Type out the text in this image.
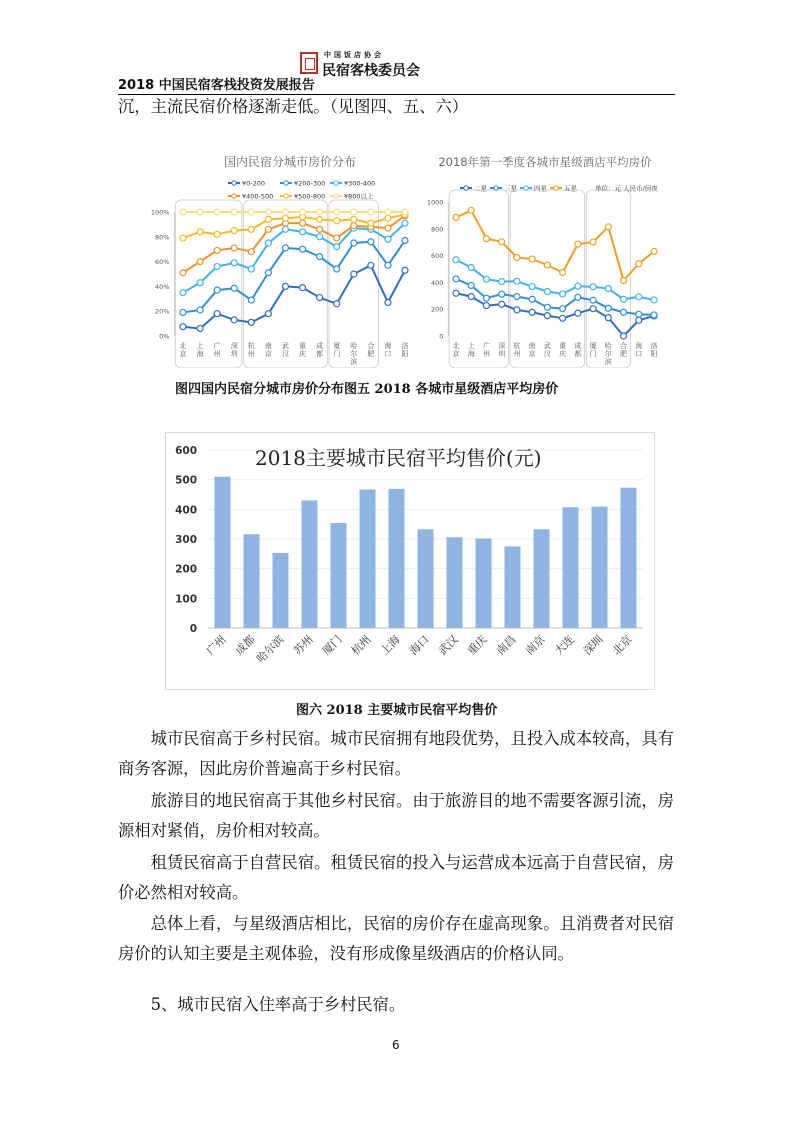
2018 中国民宿客栈投资发展报告
中国饭店协会
民宿客栈委员会
沉，主流民宿价格逐渐走低。（见图四、五、六）
国内民宿分城市房价分布
0%
20%
40%
60%
80%
100%
¥0-200	¥200-300	¥300-400
¥400-500	¥500-800	¥800以上
北京
上海
广州
深圳
杭州
南京
武汉
重庆
成都
厦门
哈尔滨
合肥
海口
洛阳
2018年第一季度各城市星级酒店平均房价
0
200
400
600
800
1000
二星	三星	四星	五星	单位：元 人民币/间夜
北京
上海
广州
深圳
杭州
南京
武汉
重庆
成都
厦门
哈尔滨
合肥
海口
洛阳
图四国内民宿分城市房价分布图五 2018 各城市星级酒店平均房价
0
100
200
300
400
500
600	2018主要城市民宿平均售价(元)
广州 成都
哈尔滨 苏州 厦门 杭州 上海 海口 武汉 重庆 南昌 南京 大连 深圳 北京
图六 2018 主要城市民宿平均售价
城市民宿高于乡村民宿。城市民宿拥有地段优势，且投入成本较高，具有商务客源，因此房价普遍高于乡村民宿。
旅游目的地民宿高于其他乡村民宿。由于旅游目的地不需要客源引流，房源相对紧俏，房价相对较高。
租赁民宿高于自营民宿。租赁民宿的投入与运营成本远高于自营民宿，房价必然相对较高。
总体上看，与星级酒店相比，民宿的房价存在虚高现象。且消费者对民宿房价的认知主要是主观体验，没有形成像星级酒店的价格认同。
5、城市民宿入住率高于乡村民宿。
6
